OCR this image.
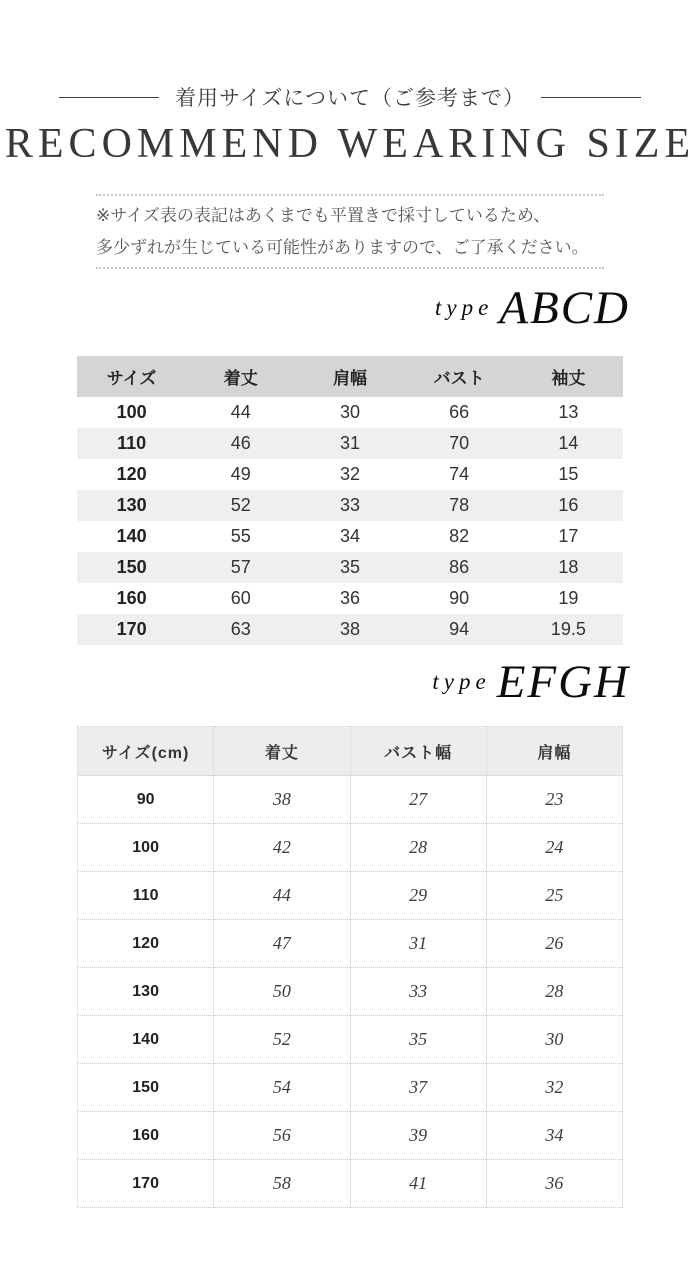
着用サイズについて（ご参考まで）
RECOMMEND WEARING SIZE
※サイズ表の表記はあくまでも平置きで採寸しているため、
多少ずれが生じている可能性がありますので、ご了承ください。
type ABCD
サイズ	着丈	肩幅	バスト	袖丈
100	44	30	66	13
110	46	31	70	14
120	49	32	74	15
130	52	33	78	16
140	55	34	82	17
150	57	35	86	18
160	60	36	90	19
170	63	38	94	19.5
type EFGH
サイズ(cm)	着丈	バスト幅	肩幅
90	38	27	23
100	42	28	24
110	44	29	25
120	47	31	26
130	50	33	28
140	52	35	30
150	54	37	32
160	56	39	34
170	58	41	36
